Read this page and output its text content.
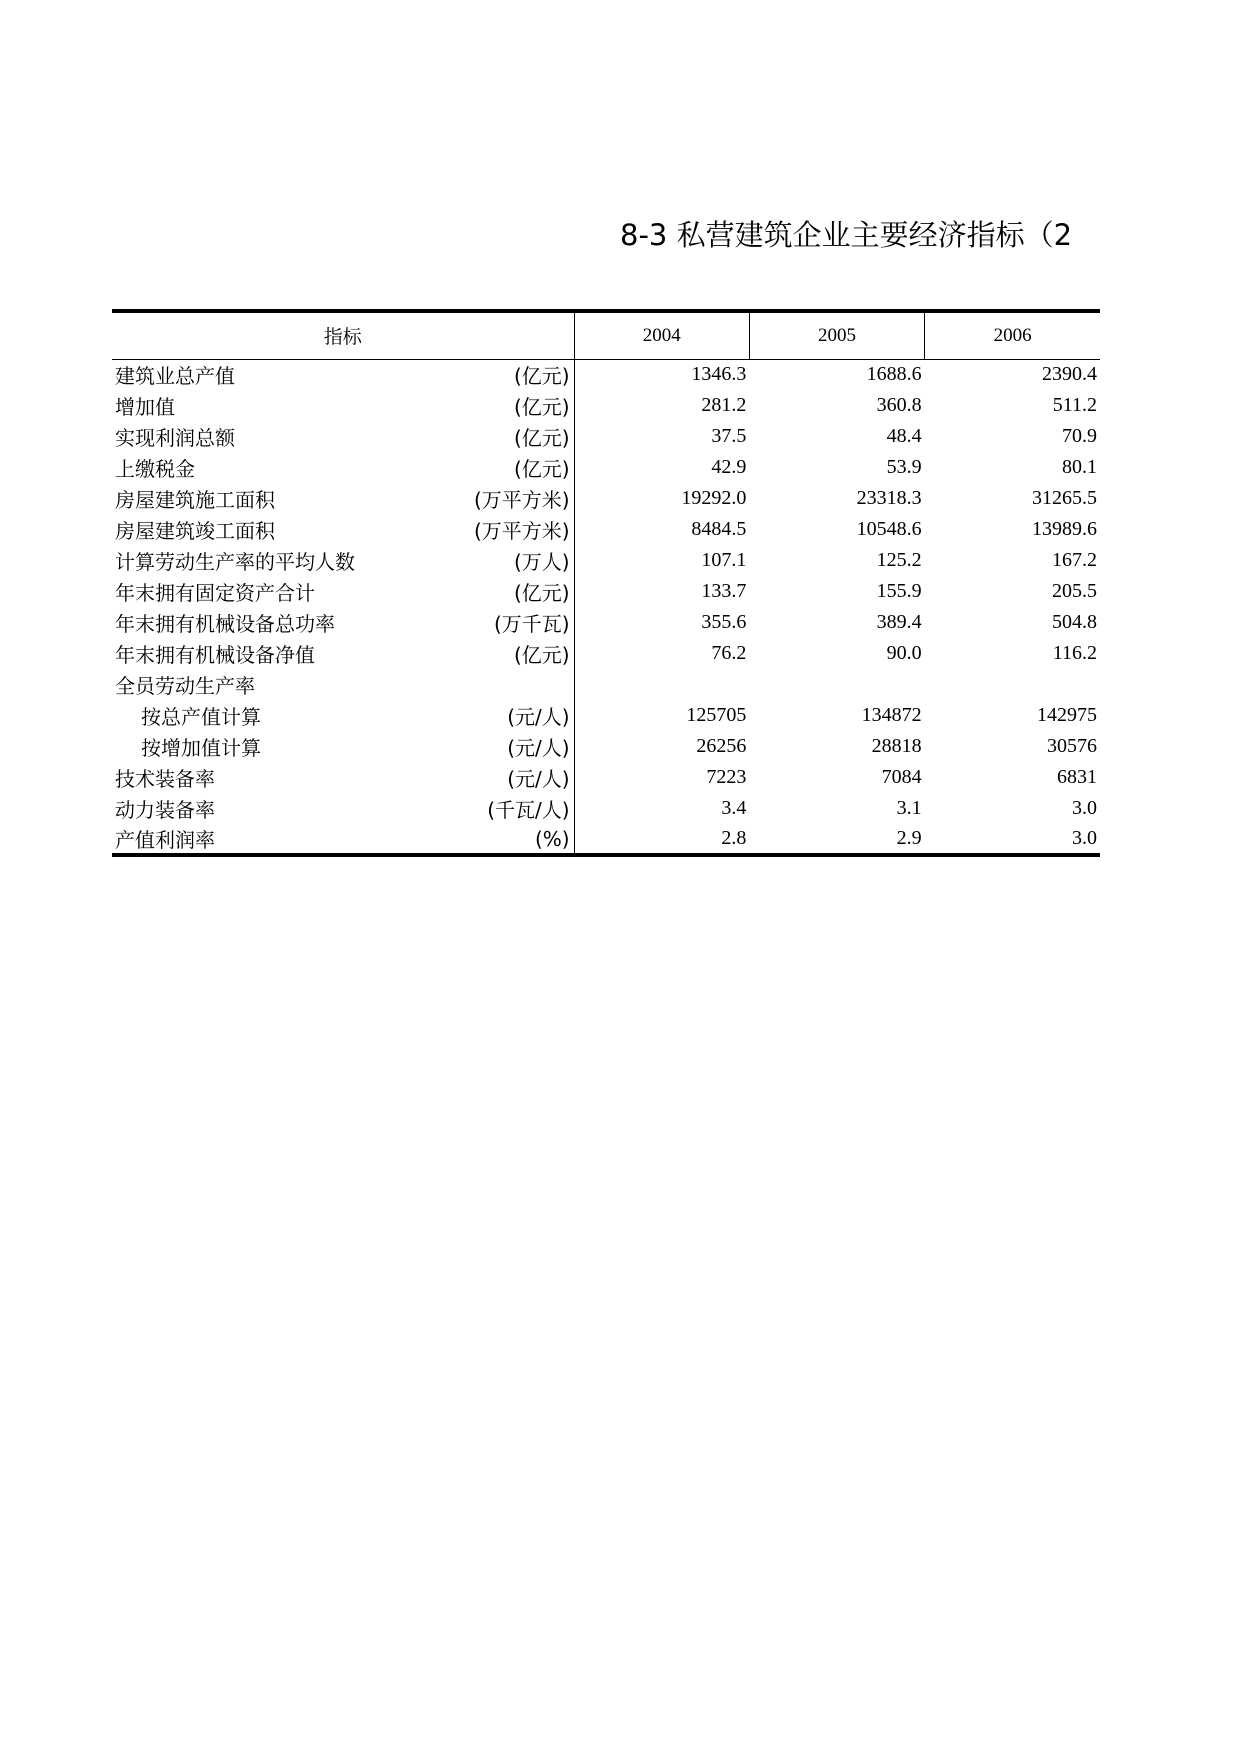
8-3 私营建筑企业主要经济指标（2
指标	2004	2005	2006

建筑业总产值 (亿元)	1346.3	1688.6	2390.4

增加值 (亿元)	281.2	360.8	511.2

实现利润总额 (亿元)	37.5	48.4	70.9

上缴税金 (亿元)	42.9	53.9	80.1

房屋建筑施工面积 (万平方米)	19292.0	23318.3	31265.5

房屋建筑竣工面积 (万平方米)	8484.5	10548.6	13989.6

计算劳动生产率的平均人数 (万人)	107.1	125.2	167.2

年末拥有固定资产合计 (亿元)	133.7	155.9	205.5

年末拥有机械设备总功率 (万千瓦)	355.6	389.4	504.8

年末拥有机械设备净值 (亿元)	76.2	90.0	116.2

全员劳动生产率			

按总产值计算 (元/人)	125705	134872	142975

按增加值计算 (元/人)	26256	28818	30576

技术装备率 (元/人)	7223	7084	6831

动力装备率 (千瓦/人)	3.4	3.1	3.0

产值利润率 (%)	2.8	2.9	3.0
